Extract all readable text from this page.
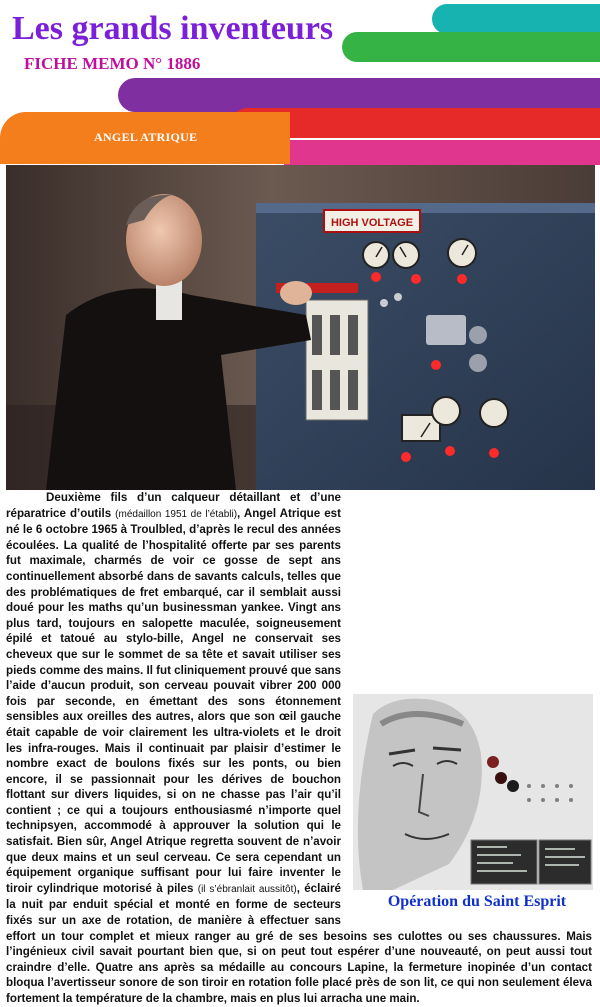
Les grands inventeurs
FICHE MEMO N° 1886

ANGEL ATRIQUE

HIGH VOLTAGE
Deuxième fils d’un calqueur détaillant et d’une réparatrice d’outils (médaillon 1951 de l’établi), Angel Atrique est né le 6 octobre 1965 à Troulbled, d’après le recul des années écoulées. La qualité de l’hospitalité offerte par ses parents fut maximale, charmés de voir ce gosse de sept ans continuellement absorbé dans de savants calculs, telles que des problématiques de fret embarqué, car il semblait aussi doué pour les maths qu’un businessman yankee. Vingt ans plus tard, toujours en salopette maculée, soigneusement épilé et tatoué au stylo-bille, Angel ne conservait ses cheveux que sur le sommet de sa tête et savait utiliser ses pieds comme des mains. Il fut cliniquement prouvé que sans l’aide d’aucun produit, son cerveau pouvait vibrer 200 000 fois par seconde, en émettant des sons étonnement sensibles aux oreilles des autres, alors que son œil gauche était capable de voir clairement les ultra-violets et le droit les infra-rouges. Mais il continuait par plaisir d’estimer le nombre exact de boulons fixés sur les ponts, ou bien encore, il se passionnait pour les dérives de bouchon flottant sur divers liquides, si on ne chasse pas l’air qu’il contient ; ce qui a toujours enthousiasmé n’importe quel technipsyen, accommodé à approuver la solution qui le satisfait. Bien sûr, Angel Atrique regretta souvent de n’avoir que deux mains et un seul cerveau. Ce sera cependant un équipement organique suffisant pour lui faire inventer le tiroir cylindrique motorisé à piles (il s’ébranlait aussitôt), éclairé la nuit par enduit spécial et monté en forme de secteurs fixés sur un axe de rotation, de manière à effectuer sans effort un tour complet et mieux ranger au gré de ses besoins ses culottes ou ses chaussures. Mais l’ingénieux civil savait pourtant bien que, si on peut tout espérer d’une nouveauté, on peut aussi tout craindre d’elle. Quatre ans après sa médaille au concours Lapine, la fermeture inopinée d’un contact bloqua l’avertisseur sonore de son tiroir en rotation folle placé près de son lit, ce qui non seulement éleva fortement la température de la chambre, mais en plus lui arracha une main.

Opération du Saint Esprit
